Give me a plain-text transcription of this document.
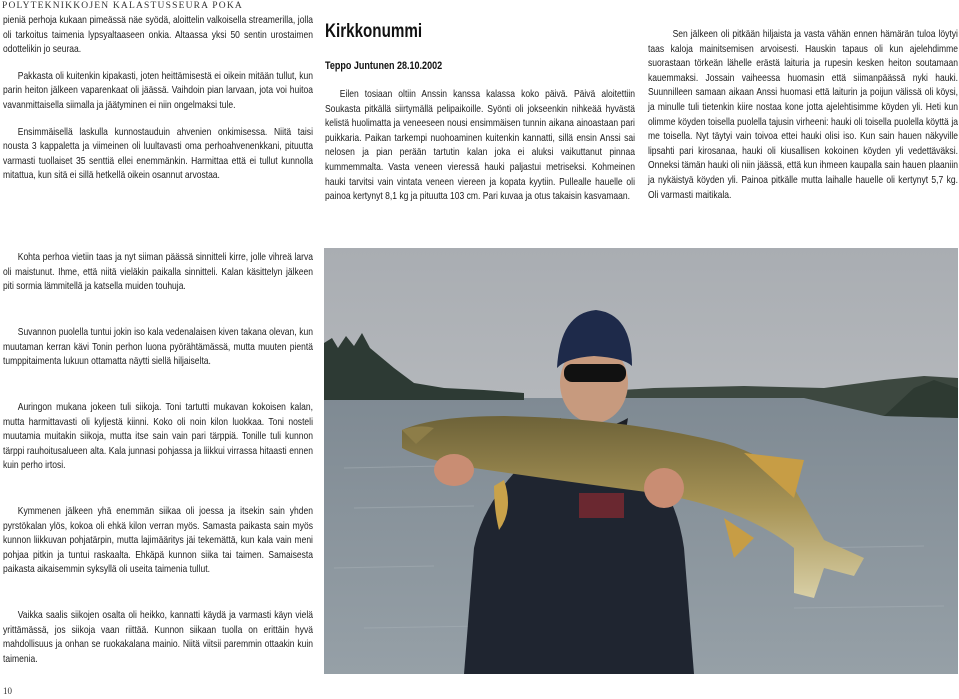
POLYTEKNIKKOJEN KALASTUSSEURA POKA

pieniä perhoja kukaan pimeässä näe syödä, aloittelin valkoisella streamerilla, jolla oli tarkoitus taimenia lypsyaltaaseen onkia. Altaassa yksi 50 sentin urostaimen odottelikin jo seuraa.

Pakkasta oli kuitenkin kipakasti, joten heittämisestä ei oikein mitään tullut, kun parin heiton jälkeen vaparenkaat oli jäässä. Vaihdoin pian larvaan, jota voi huitoa vavanmittaisella siimalla ja jäätyminen ei niin ongelmaksi tule.

Ensimmäisellä laskulla kunnostauduin ahvenien onkimisessa. Niitä taisi nousta 3 kappaletta ja viimeinen oli luultavasti oma perhoahvenenkkani, pituutta varmasti tuollaiset 35 senttiä ellei enemmänkin. Harmittaa että ei tullut kunnolla mitattua, kun sitä ei sillä hetkellä oikein osannut arvostaa.

Kohta perhoa vietiin taas ja nyt siiman päässä sinnitteli kirre, jolle vihreä larva oli maistunut. Ihme, että niitä vieläkin paikalla sinnitteli. Kalan käsittelyn jälkeen piti sormia lämmitellä ja katsella muiden touhuja.

Suvannon puolella tuntui jokin iso kala vedenalaisen kiven takana olevan, kun muutaman kerran kävi Tonin perhon luona pyörähtämässä, mutta muuten pientä tumppitaimenta lukuun ottamatta näytti siellä hiljaiselta.

Auringon mukana jokeen tuli siikoja. Toni tartutti mukavan kokoisen kalan, mutta harmittavasti oli kyljestä kiinni. Koko oli noin kilon luokkaa. Toni nosteli muutamia muitakin siikoja, mutta itse sain vain pari tärppiä. Tonille tuli kunnon tärppi rauhoitusalueen alta. Kala junnasi pohjassa ja liikkui virrassa hitaasti ennen kuin perho irtosi.

Kymmenen jälkeen yhä enemmän siikaa oli joessa ja itsekin sain yhden pyrstökalan ylös, kokoa oli ehkä kilon verran myös. Samasta paikasta sain myös kunnon liikkuvan pohjatärpin, mutta lajimääritys jäi tekemättä, kun kala vain meni pohjaa pitkin ja tuntui raskaalta. Ehkäpä kunnon siika tai taimen. Samaisesta paikasta aikaisemmin syksyllä oli useita taimenia tullut.

Vaikka saalis siikojen osalta oli heikko, kannatti käydä ja varmasti käyn vielä yrittämässä, jos siikoja vaan riittää. Kunnon siikaan tuolla on erittäin hyvä mahdollisuus ja onhan se ruokakalana mainio. Niitä viitsii paremmin ottaakin kuin taimenia.

Kirkkonummi
Teppo Juntunen 28.10.2002

Eilen tosiaan oltiin Anssin kanssa kalassa koko päivä. Päivä aloitettiin Soukasta pitkällä siirtymällä pelipaikoille. Syönti oli jokseenkin nihkeää hyvästä kelistä huolimatta ja veneeseen nousi ensimmäisen tunnin aikana ainoastaan pari puikkaria. Paikan tarkempi nuohoaminen kuitenkin kannatti, sillä ensin Anssi sai nelosen ja pian perään tartutin kalan joka ei aluksi vaikuttanut pinnaa kummemmalta. Vasta veneen vieressä hauki paljastui metriseksi. Kohmeinen hauki tarvitsi vain vintata veneen viereen ja kopata kyytiin. Pullealle hauelle oli painoa kertynyt 8,1 kg ja pituutta 103 cm. Pari kuvaa ja otus takaisin kasvamaan.

Sen jälkeen oli pitkään hiljaista ja vasta vähän ennen hämärän tuloa löytyi taas kaloja mainitsemisen arvoisesti. Hauskin tapaus oli kun ajelehdimme suorastaan törkeän lähelle erästä laituria ja rupesin kesken heiton soutamaan kauemmaksi. Jossain vaiheessa huomasin että siimanpäässä nyki hauki. Suunnilleen samaan aikaan Anssi huomasi että laiturin ja poijun välissä oli köysi, ja minulle tuli tietenkin kiire nostaa kone jotta ajelehtisimme köyden yli. Heti kun olimme köyden toisella puolella tajusin virheeni: hauki oli toisella puolella köyttä ja me toisella. Nyt täytyi vain toivoa ettei hauki olisi iso. Kun sain hauen näkyville lipsahti pari kirosanaa, hauki oli kiusallisen kokoinen köyden yli vedettäväksi. Onneksi tämän hauki oli niin jäässä, että kun ihmeen kaupalla sain hauen plaaniin ja nykäistyä köyden yli. Painoa pitkälle mutta laihalle hauelle oli kertynyt 5,7 kg. Oli varmasti maitikala.

10
